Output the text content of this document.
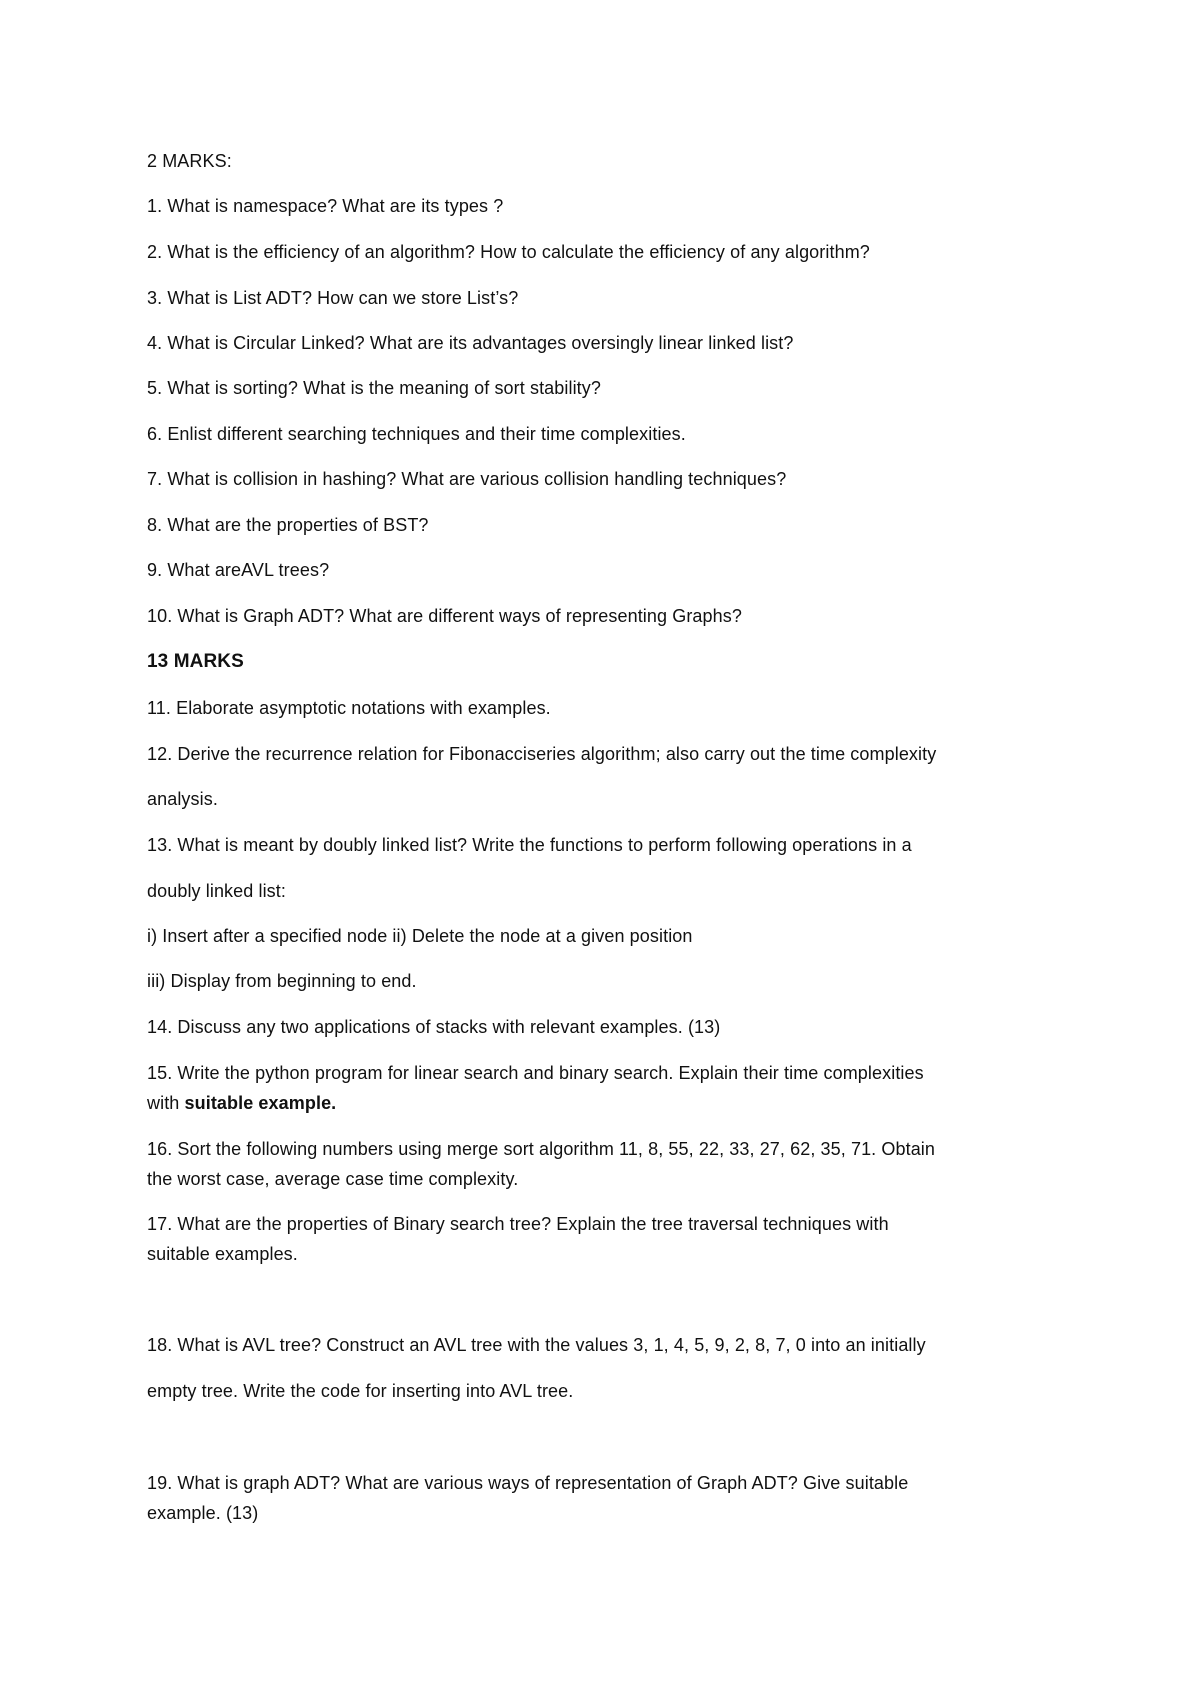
2 MARKS:
1. What is namespace? What are its types ?
2. What is the efficiency of an algorithm? How to calculate the efficiency of any algorithm?
3. What is List ADT? How can we store List’s?
4. What is Circular Linked? What are its advantages oversingly linear linked list?
5. What is sorting? What is the meaning of sort stability?
6. Enlist different searching techniques and their time complexities.
7. What is collision in hashing? What are various collision handling techniques?
8. What are the properties of BST?
9. What areAVL trees?
10. What is Graph ADT? What are different ways of representing Graphs?
13 MARKS
11. Elaborate asymptotic notations with examples.
12. Derive the recurrence relation for Fibonacciseries algorithm; also carry out the time complexity
analysis.
13. What is meant by doubly linked list? Write the functions to perform following operations in a
doubly linked list:
i) Insert after a specified node ii) Delete the node at a given position
iii) Display from beginning to end.
14. Discuss any two applications of stacks with relevant examples. (13)
15. Write the python program for linear search and binary search. Explain their time complexities
with suitable example.
16. Sort the following numbers using merge sort algorithm 11, 8, 55, 22, 33, 27, 62, 35, 71. Obtain
the worst case, average case time complexity.
17. What are the properties of Binary search tree? Explain the tree traversal techniques with
suitable examples.
18. What is AVL tree? Construct an AVL tree with the values 3, 1, 4, 5, 9, 2, 8, 7, 0 into an initially
empty tree. Write the code for inserting into AVL tree.
19. What is graph ADT? What are various ways of representation of Graph ADT? Give suitable
example. (13)
